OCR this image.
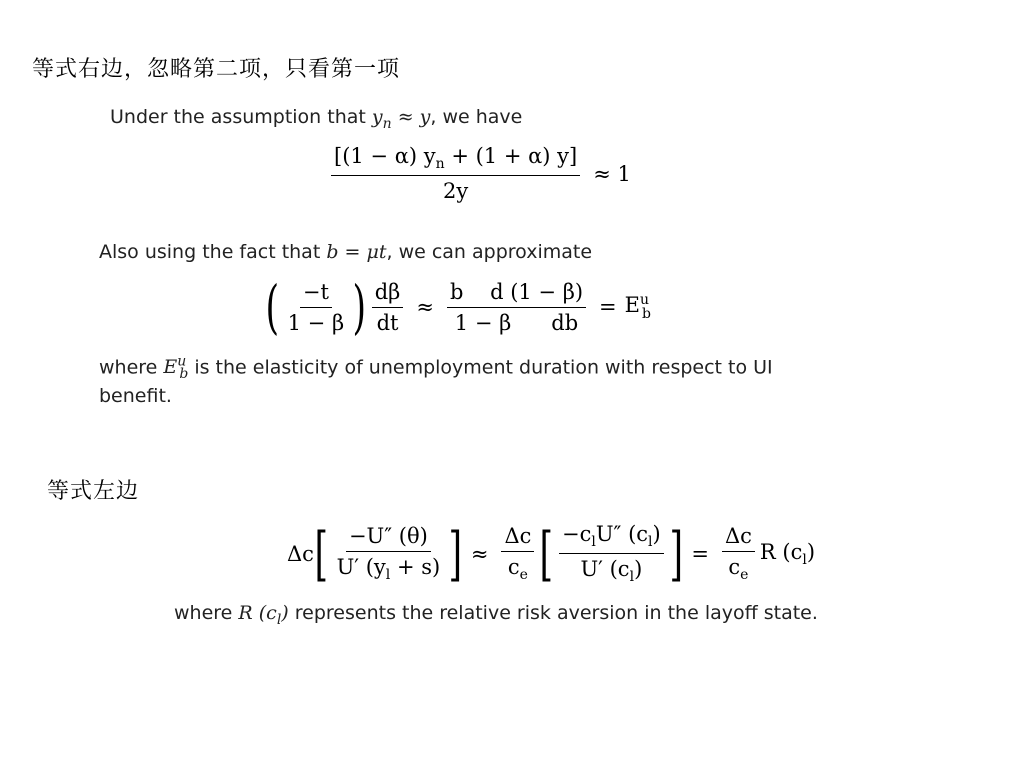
等式右边，忽略第二项，只看第一项
Under the assumption that $y_n \approx y$, we have
$\frac{[(1 - \alpha) y_n + (1 + \alpha) y]}{2y} \approx 1$
Also using the fact that b = μt, we can approximate
( $\frac{-t}{1 - \beta}$ ) $\frac{d\beta}{dt} \approx \frac{\text{b    d (1 − β)}}{\text{1 − β      db}} = E^u_b$
where $E^u_b$ is the elasticity of unemployment duration with respect to UI
benefit.
等式左边
Δ c [ $\frac{-U'' (\theta)}{U' (y_l + s)}$ ] ≈ $\frac{\Delta c}{c_e}$ [ $\frac{-c_lU'' (c_l)}{U' (c_l)}$ ] = $\frac{\Delta c}{c_e}$ R $(c_l)$
where R $(c_l)$ represents the relative risk aversion in the layoff state.
